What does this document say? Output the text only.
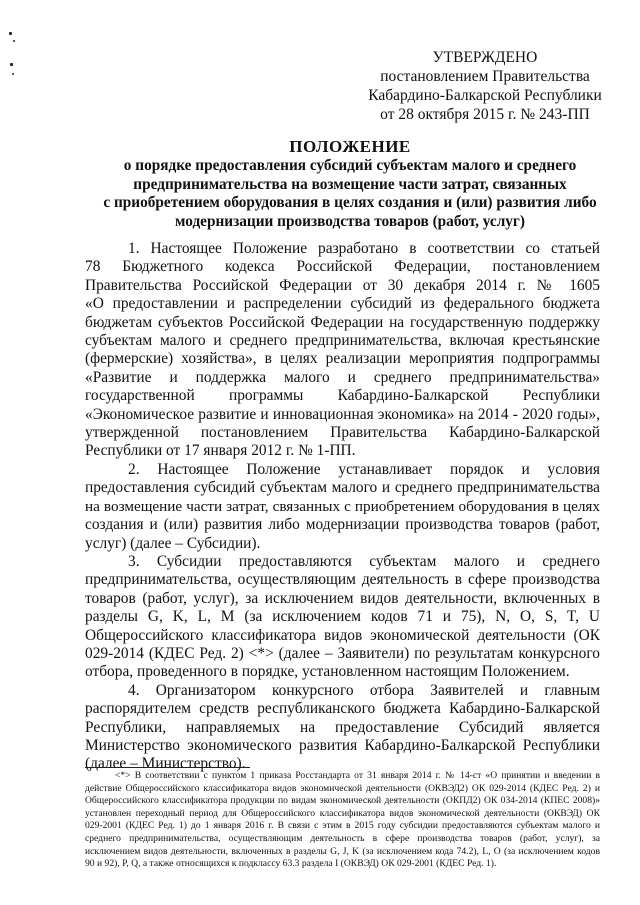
УТВЕРЖДЕНО
постановлением Правительства
Кабардино-Балкарской Республики
от 28 октября 2015 г. № 243-ПП
ПОЛОЖЕНИЕ
о порядке предоставления субсидий субъектам малого и среднего
предпринимательства на возмещение части затрат, связанных
с приобретением оборудования в целях создания и (или) развития либо
модернизации производства товаров (работ, услуг)
1. Настоящее Положение разработано в соответствии со статьей
78 Бюджетного кодекса Российской Федерации, постановлением
Правительства Российской Федерации от 30 декабря 2014 г. № 1605
«О предоставлении и распределении субсидий из федерального бюджета
бюджетам субъектов Российской Федерации на государственную поддержку
субъектам малого и среднего предпринимательства, включая крестьянские
(фермерские) хозяйства», в целях реализации мероприятия подпрограммы
«Развитие и поддержка малого и среднего предпринимательства»
государственной программы Кабардино-Балкарской Республики
«Экономическое развитие и инновационная экономика» на 2014 - 2020 годы»,
утвержденной постановлением Правительства Кабардино-Балкарской
Республики от 17 января 2012 г. № 1-ПП.
2. Настоящее Положение устанавливает порядок и условия
предоставления субсидий субъектам малого и среднего предпринимательства
на возмещение части затрат, связанных с приобретением оборудования в целях
создания и (или) развития либо модернизации производства товаров (работ,
услуг) (далее – Субсидии).
3. Субсидии предоставляются субъектам малого и среднего
предпринимательства, осуществляющим деятельность в сфере производства
товаров (работ, услуг), за исключением видов деятельности, включенных в
разделы G, K, L, M (за исключением кодов 71 и 75), N, O, S, T, U
Общероссийского классификатора видов экономической деятельности (ОК
029-2014 (КДЕС Ред. 2) <*> (далее – Заявители) по результатам конкурсного
отбора, проведенного в порядке, установленном настоящим Положением.
4. Организатором конкурсного отбора Заявителей и главным
распорядителем средств республиканского бюджета Кабардино-Балкарской
Республики, направляемых на предоставление Субсидий является
Министерство экономического развития Кабардино-Балкарской Республики
(далее – Министерство).
<*> В соответствии с пунктом 1 приказа Росстандарта от 31 января 2014 г. № 14-ст «О принятии и введении в
действие Общероссийского классификатора видов экономической деятельности (ОКВЭД2) ОК 029-2014 (КДЕС Ред. 2) и
Общероссийского классификатора продукции по видам экономической деятельности (ОКПД2) ОК 034-2014 (КПЕС 2008)»
установлен переходный период для Общероссийского классификатора видов экономической деятельности (ОКВЭД) ОК
029-2001 (КДЕС Ред. 1) до 1 января 2016 г. В связи с этим в 2015 году субсидии предоставляются субъектам малого и
среднего предпринимательства, осуществляющим деятельность в сфере производства товаров (работ, услуг), за
исключением видов деятельности, включенных в разделы G, J, K (за исключением кода 74.2), L, O (за исключением кодов
90 и 92), P, Q, а также относящихся к подклассу 63.3 раздела I (ОКВЭД) ОК 029-2001 (КДЕС Ред. 1).
